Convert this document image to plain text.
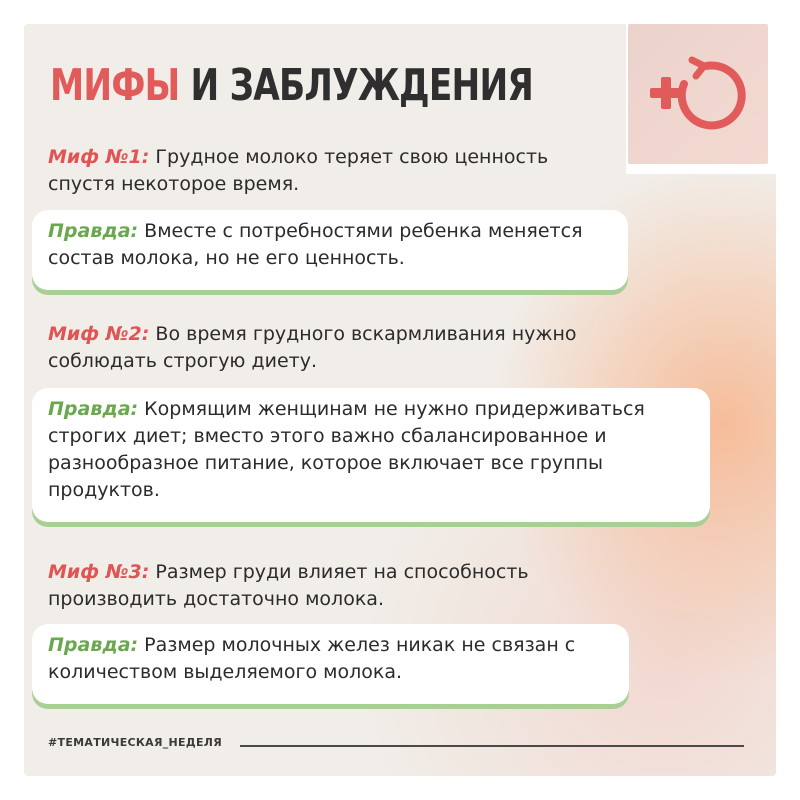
МИФЫ И ЗАБЛУЖДЕНИЯ
Миф №1: Грудное молоко теряет свою ценность спустя некоторое время.
Правда: Вместе с потребностями ребенка меняется состав молока, но не его ценность.
Миф №2: Во время грудного вскармливания нужно соблюдать строгую диету.
Правда: Кормящим женщинам не нужно придерживаться строгих диет; вместо этого важно сбалансированное и разнообразное питание, которое включает все группы продуктов.
Миф №3: Размер груди влияет на способность производить достаточно молока.
Правда: Размер молочных желез никак не связан с количеством выделяемого молока.
#ТЕМАТИЧЕСКАЯ_НЕДЕЛЯ
